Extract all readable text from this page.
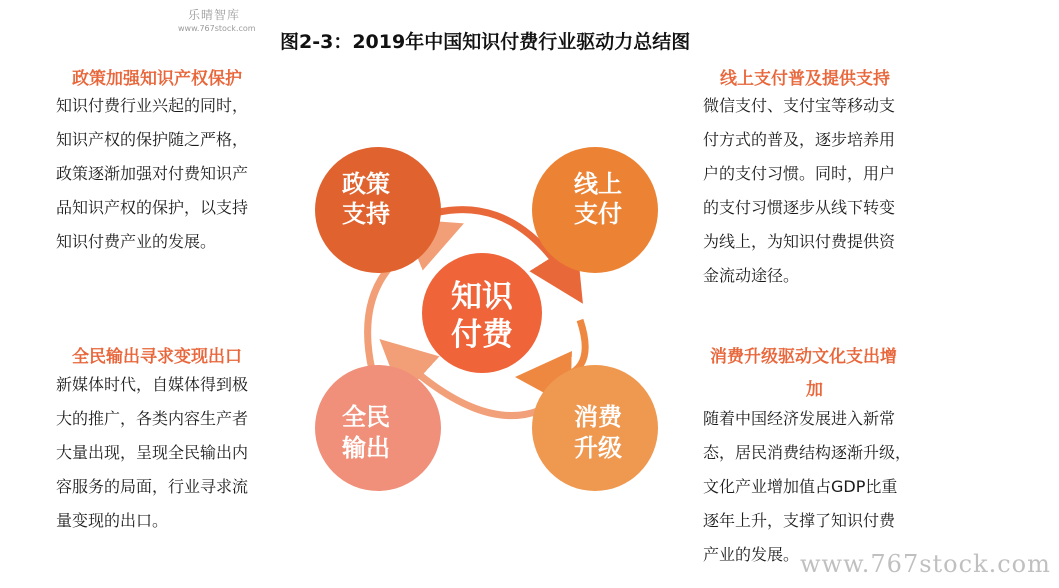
乐晴智库
www.767stock.com
图2-3：2019年中国知识付费行业驱动力总结图
政策加强知识产权保护
知识付费行业兴起的同时，
知识产权的保护随之严格，
政策逐渐加强对付费知识产
品知识产权的保护，以支持
知识付费产业的发展。
线上支付普及提供支持
微信支付、支付宝等移动支
付方式的普及，逐步培养用
户的支付习惯。同时，用户
的支付习惯逐步从线下转变
为线上，为知识付费提供资
金流动途径。
全民输出寻求变现出口
新媒体时代，自媒体得到极
大的推广，各类内容生产者
大量出现，呈现全民输出内
容服务的局面，行业寻求流
量变现的出口。
消费升级驱动文化支出增
加
随着中国经济发展进入新常
态，居民消费结构逐渐升级，
文化产业增加值占GDP比重
逐年上升，支撑了知识付费
产业的发展。
政策
支持
线上
支付
全民
输出
消费
升级
知识
付费
www.767stock.com
